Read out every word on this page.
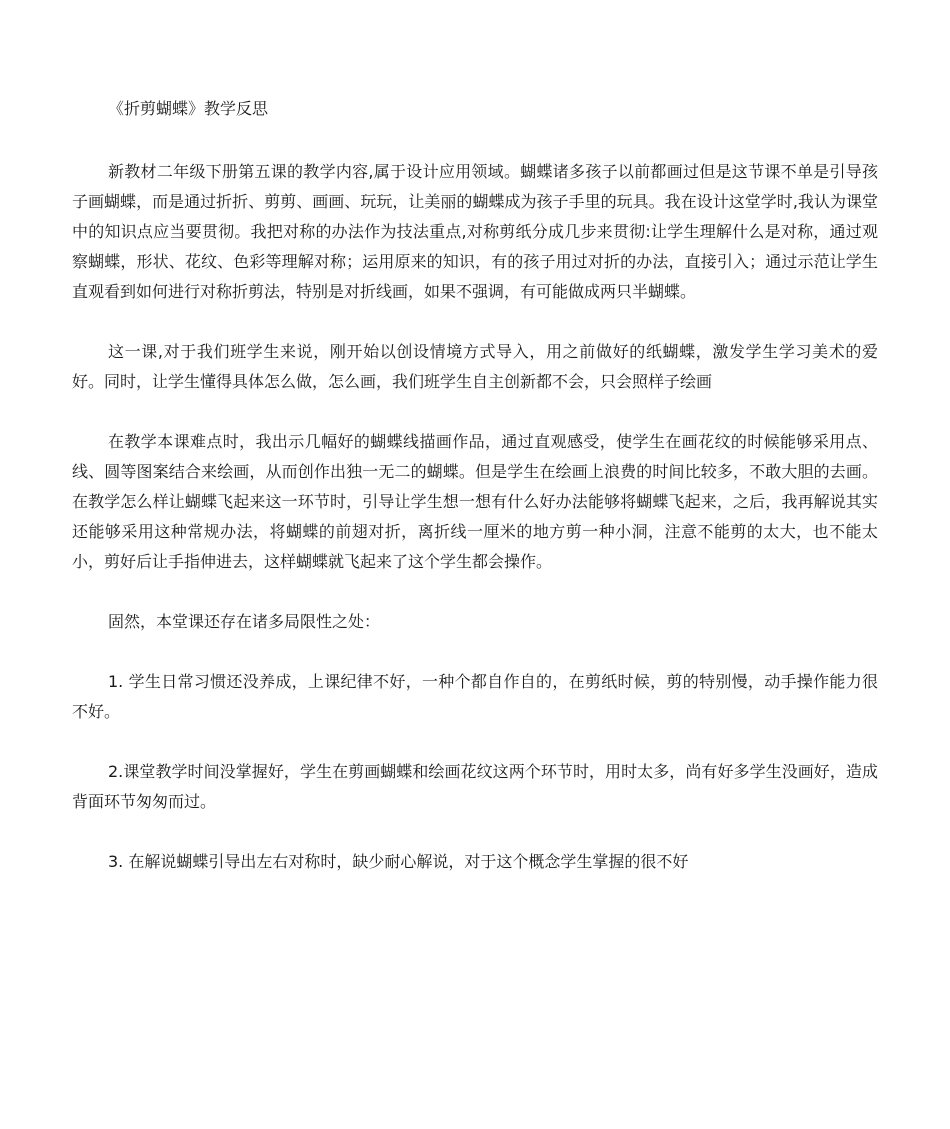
《折剪蝴蝶》教学反思

新教材二年级下册第五课的教学内容,属于设计应用领域。蝴蝶诸多孩子以前都画过但是这节课不单是引导孩子画蝴蝶，而是通过折折、剪剪、画画、玩玩，让美丽的蝴蝶成为孩子手里的玩具。我在设计这堂学时,我认为课堂中的知识点应当要贯彻。我把对称的办法作为技法重点,对称剪纸分成几步来贯彻:让学生理解什么是对称，通过观察蝴蝶，形状、花纹、色彩等理解对称；运用原来的知识，有的孩子用过对折的办法，直接引入；通过示范让学生直观看到如何进行对称折剪法，特别是对折线画，如果不强调，有可能做成两只半蝴蝶。

这一课,对于我们班学生来说，刚开始以创设情境方式导入，用之前做好的纸蝴蝶，激发学生学习美术的爱好。同时，让学生懂得具体怎么做，怎么画，我们班学生自主创新都不会，只会照样子绘画

在教学本课难点时，我出示几幅好的蝴蝶线描画作品，通过直观感受，使学生在画花纹的时候能够采用点、线、圆等图案结合来绘画，从而创作出独一无二的蝴蝶。但是学生在绘画上浪费的时间比较多，不敢大胆的去画。在教学怎么样让蝴蝶飞起来这一环节时，引导让学生想一想有什么好办法能够将蝴蝶飞起来，之后，我再解说其实还能够采用这种常规办法，将蝴蝶的前翅对折，离折线一厘米的地方剪一种小洞，注意不能剪的太大，也不能太小，剪好后让手指伸进去，这样蝴蝶就飞起来了这个学生都会操作。

固然，本堂课还存在诸多局限性之处：

1. 学生日常习惯还没养成，上课纪律不好，一种个都自作自的，在剪纸时候，剪的特别慢，动手操作能力很不好。

2.课堂教学时间没掌握好，学生在剪画蝴蝶和绘画花纹这两个环节时，用时太多，尚有好多学生没画好，造成背面环节匆匆而过。

3. 在解说蝴蝶引导出左右对称时，缺少耐心解说，对于这个概念学生掌握的很不好
